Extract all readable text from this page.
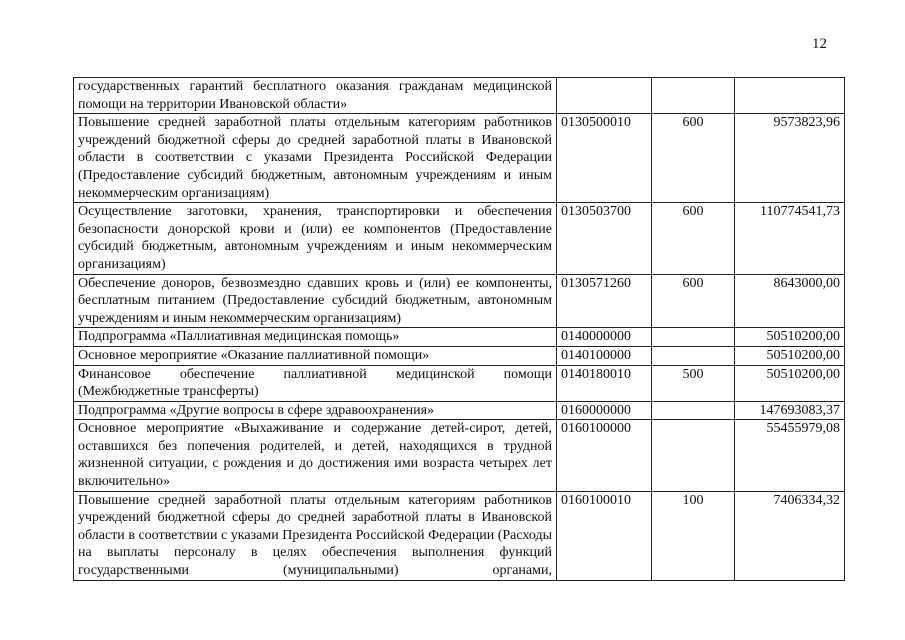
12
государственных гарантий бесплатного оказания гражданам медицинской помощи на территории Ивановской области»			
Повышение средней заработной платы отдельным категориям работников учреждений бюджетной сферы до средней заработной платы в Ивановской области в соответствии с указами Президента Российской Федерации (Предоставление субсидий бюджетным, автономным учреждениям и иным некоммерческим организациям)	0130500010	600	9573823,96
Осуществление заготовки, хранения, транспортировки и обеспечения безопасности донорской крови и (или) ее компонентов (Предоставление субсидий бюджетным, автономным учреждениям и иным некоммерческим организациям)	0130503700	600	110774541,73
Обеспечение доноров, безвозмездно сдавших кровь и (или) ее компоненты, бесплатным питанием (Предоставление субсидий бюджетным, автономным учреждениям и иным некоммерческим организациям)	0130571260	600	8643000,00
Подпрограмма «Паллиативная медицинская помощь»	0140000000		50510200,00
Основное мероприятие «Оказание паллиативной помощи»	0140100000		50510200,00
Финансовое обеспечение паллиативной медицинской помощи (Межбюджетные трансферты)	0140180010	500	50510200,00
Подпрограмма «Другие вопросы в сфере здравоохранения»	0160000000		147693083,37
Основное мероприятие «Выхаживание и содержание детей-сирот, детей, оставшихся без попечения родителей, и детей, находящихся в трудной жизненной ситуации, с рождения и до достижения ими возраста четырех лет включительно»	0160100000		55455979,08
Повышение средней заработной платы отдельным категориям работников учреждений бюджетной сферы до средней заработной платы в Ивановской области в соответствии с указами Президента Российской Федерации (Расходы на выплаты персоналу в целях обеспечения выполнения функций государственными (муниципальными) органами,	0160100010	100	7406334,32
